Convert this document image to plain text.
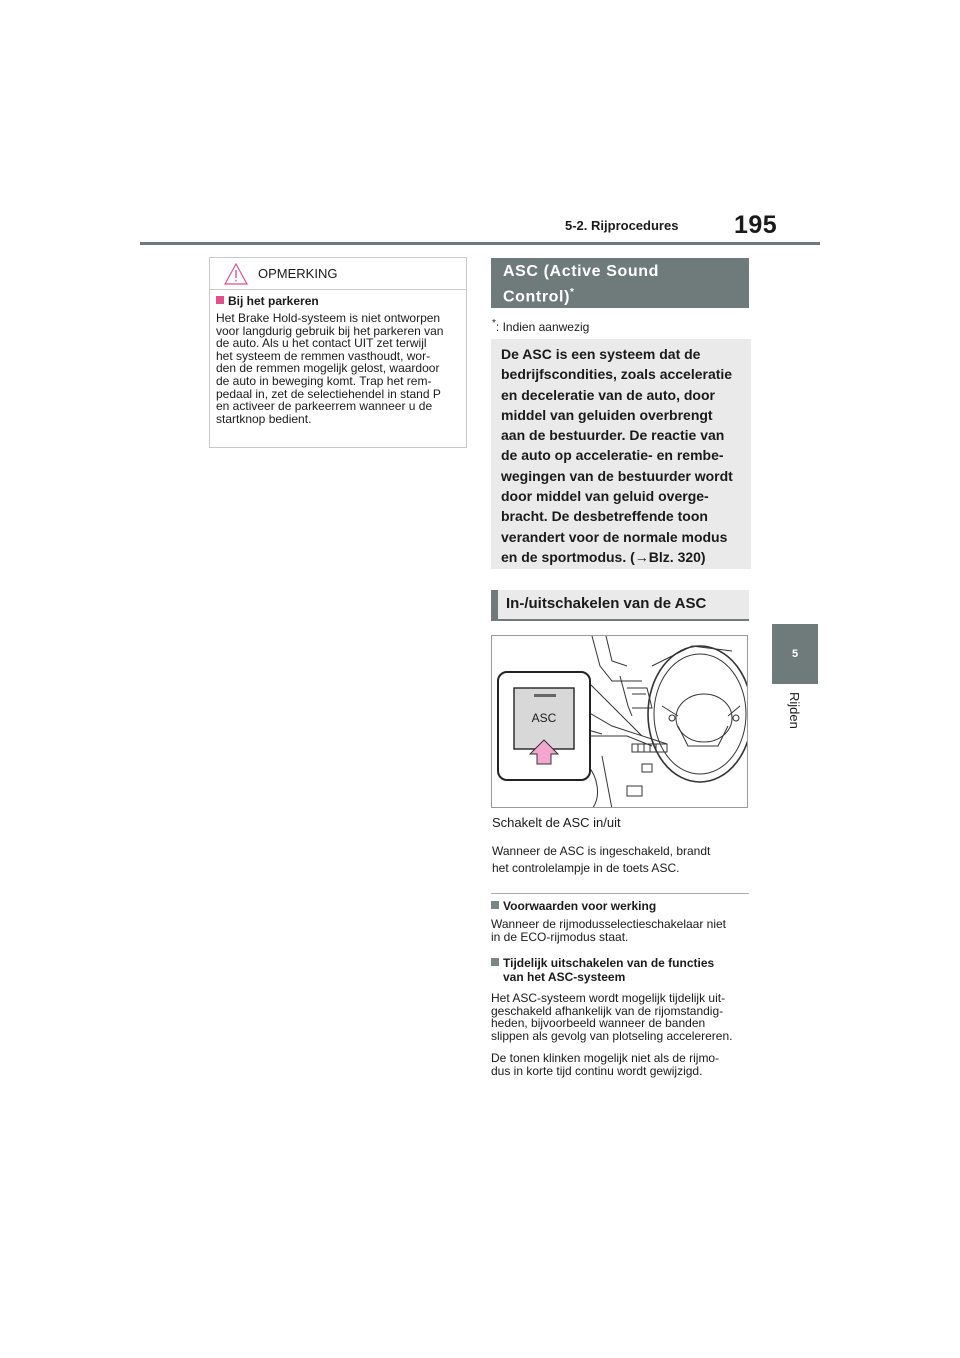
5-2. Rijprocedures 195
5
Rijden
OPMERKING
Bij het parkeren
Het Brake Hold-systeem is niet ontworpen
voor langdurig gebruik bij het parkeren van
de auto. Als u het contact UIT zet terwijl
het systeem de remmen vasthoudt, wor-
den de remmen mogelijk gelost, waardoor
de auto in beweging komt. Trap het rem-
pedaal in, zet de selectiehendel in stand P
en activeer de parkeerrem wanneer u de
startknop bedient.
ASC (Active Sound
Control)*
*: Indien aanwezig
De ASC is een systeem dat de
bedrijfscondities, zoals acceleratie
en deceleratie van de auto, door
middel van geluiden overbrengt
aan de bestuurder. De reactie van
de auto op acceleratie- en rembe-
wegingen van de bestuurder wordt
door middel van geluid overge-
bracht. De desbetreffende toon
verandert voor de normale modus
en de sportmodus. (→Blz. 320)
In-/uitschakelen van de ASC
ASC
Schakelt de ASC in/uit
Wanneer de ASC is ingeschakeld, brandt
het controlelampje in de toets ASC.
Voorwaarden voor werking
Wanneer de rijmodusselectieschakelaar niet
in de ECO-rijmodus staat.
Tijdelijk uitschakelen van de functies
van het ASC-systeem
Het ASC-systeem wordt mogelijk tijdelijk uit-
geschakeld afhankelijk van de rijomstandig-
heden, bijvoorbeeld wanneer de banden
slippen als gevolg van plotseling accelereren.
De tonen klinken mogelijk niet als de rijmo-
dus in korte tijd continu wordt gewijzigd.
